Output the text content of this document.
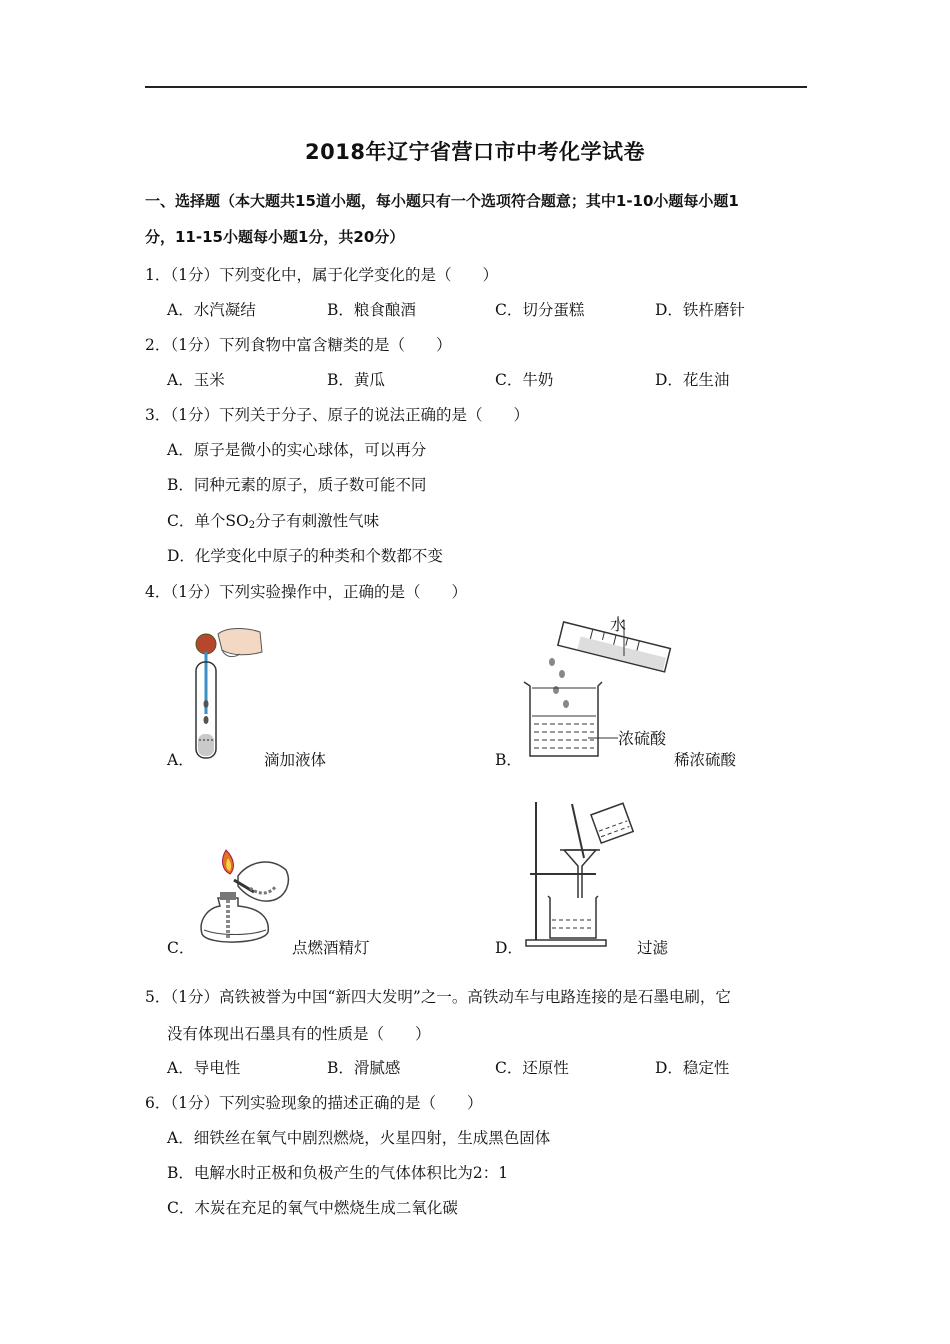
2018年辽宁省营口市中考化学试卷
一、选择题（本大题共15道小题，每小题只有一个选项符合题意；其中1-10小题每小题1
分，11-15小题每小题1分，共20分）
1．（1分）下列变化中，属于化学变化的是（　　）
A．水汽凝结	B．粮食酿酒	C．切分蛋糕	D．铁杵磨针
2．（1分）下列食物中富含糖类的是（　　）
A．玉米	B．黄瓜	C．牛奶	D．花生油
3．（1分）下列关于分子、原子的说法正确的是（　　）
A．原子是微小的实心球体，可以再分
B．同种元素的原子，质子数可能不同
C．单个$SO_2$分子有刺激性气味
D．化学变化中原子的种类和个数都不变
4．（1分）下列实验操作中，正确的是（　　）
A．	滴加液体
水
浓硫酸
B．	稀浓硫酸
C．	点燃酒精灯	D．	过滤
5．（1分）高铁被誉为中国“新四大发明”之一。高铁动车与电路连接的是石墨电刷，它
没有体现出石墨具有的性质是（　　）
A．导电性	B．滑腻感	C．还原性	D．稳定性
6．（1分）下列实验现象的描述正确的是（　　）
A．细铁丝在氧气中剧烈燃烧，火星四射，生成黑色固体
B．电解水时正极和负极产生的气体体积比为2：1
C．木炭在充足的氧气中燃烧生成二氧化碳
